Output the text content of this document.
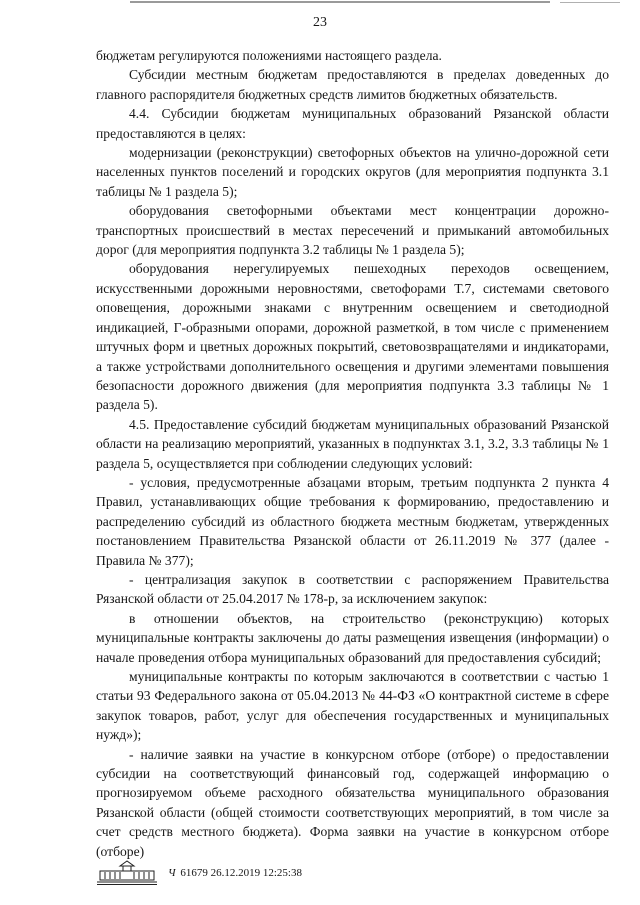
23

бюджетам регулируются положениями настоящего раздела.

Субсидии местным бюджетам предоставляются в пределах доведенных до главного распорядителя бюджетных средств лимитов бюджетных обязательств.

4.4. Субсидии бюджетам муниципальных образований Рязанской области предоставляются в целях:

модернизации (реконструкции) светофорных объектов на улично-дорожной сети населенных пунктов поселений и городских округов (для мероприятия подпункта 3.1 таблицы № 1 раздела 5);

оборудования светофорными объектами мест концентрации дорожно-транспортных происшествий в местах пересечений и примыканий автомобильных дорог (для мероприятия подпункта 3.2 таблицы № 1 раздела 5);

оборудования нерегулируемых пешеходных переходов освещением, искусственными дорожными неровностями, светофорами Т.7, системами светового оповещения, дорожными знаками с внутренним освещением и светодиодной индикацией, Г-образными опорами, дорожной разметкой, в том числе с применением штучных форм и цветных дорожных покрытий, световозвращателями и индикаторами, а также устройствами дополнительного освещения и другими элементами повышения безопасности дорожного движения (для мероприятия подпункта 3.3 таблицы № 1 раздела 5).

4.5. Предоставление субсидий бюджетам муниципальных образований Рязанской области на реализацию мероприятий, указанных в подпунктах 3.1, 3.2, 3.3 таблицы № 1 раздела 5, осуществляется при соблюдении следующих условий:

- условия, предусмотренные абзацами вторым, третьим подпункта 2 пункта 4 Правил, устанавливающих общие требования к формированию, предоставлению и распределению субсидий из областного бюджета местным бюджетам, утвержденных постановлением Правительства Рязанской области от 26.11.2019 № 377 (далее - Правила № 377);

- централизация закупок в соответствии с распоряжением Правительства Рязанской области от 25.04.2017 № 178-р, за исключением закупок:

в отношении объектов, на строительство (реконструкцию) которых муниципальные контракты заключены до даты размещения извещения (информации) о начале проведения отбора муниципальных образований для предоставления субсидий;

муниципальные контракты по которым заключаются в соответствии с частью 1 статьи 93 Федерального закона от 05.04.2013 № 44-ФЗ «О контрактной системе в сфере закупок товаров, работ, услуг для обеспечения государственных и муниципальных нужд»);

- наличие заявки на участие в конкурсном отборе (отборе) о предоставлении субсидии на соответствующий финансовый год, содержащей информацию о прогнозируемом объеме расходного обязательства муниципального образования Рязанской области (общей стоимости соответствующих мероприятий, в том числе за счет средств местного бюджета). Форма заявки на участие в конкурсном отборе (отборе)

Ч 61679 26.12.2019 12:25:38
